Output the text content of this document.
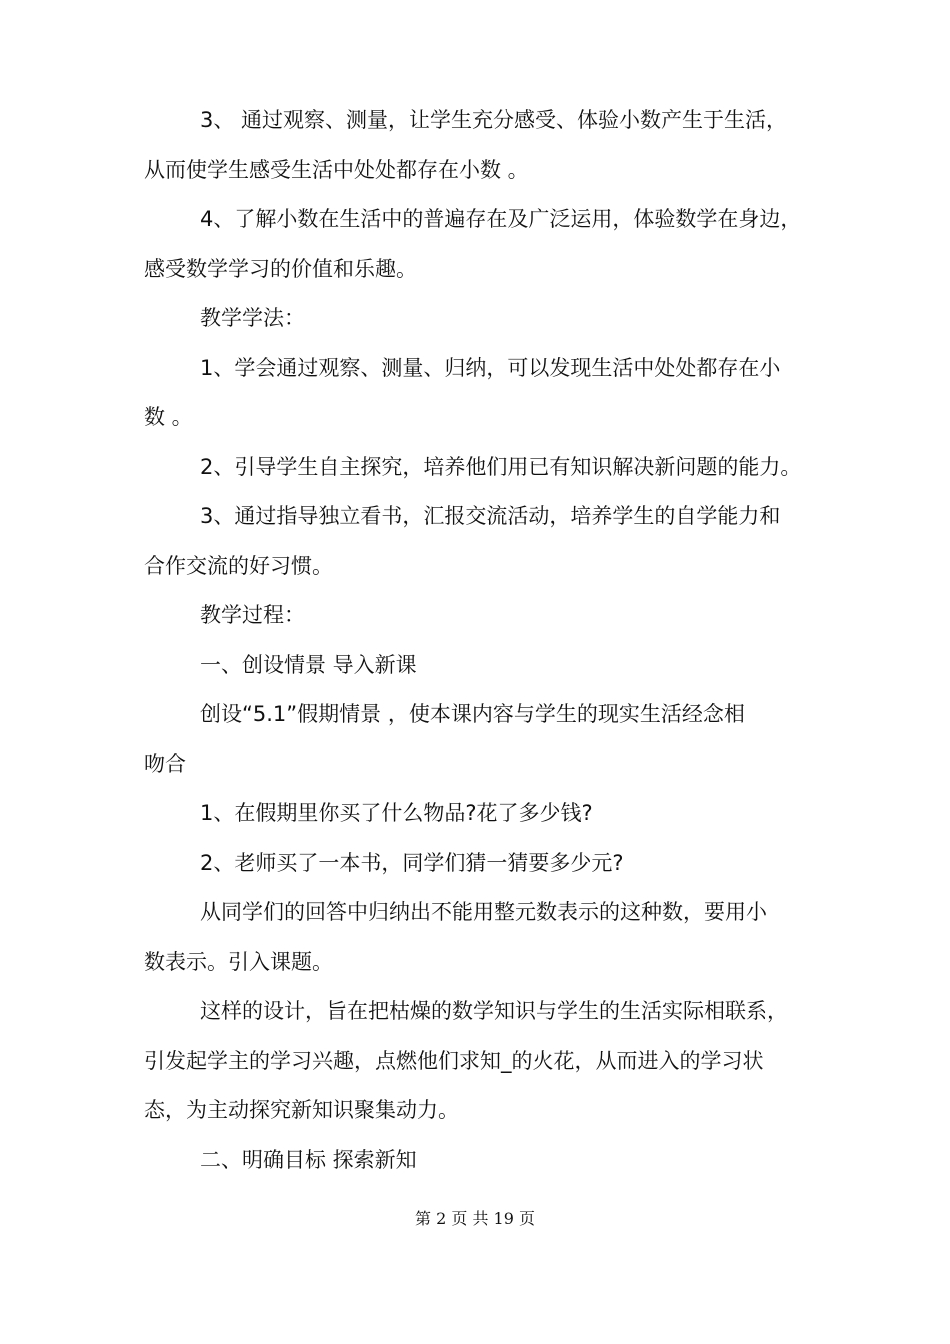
3、 通过观察、测量，让学生充分感受、体验小数产生于生活，
从而使学生感受生活中处处都存在小数 。
4、了解小数在生活中的普遍存在及广泛运用，体验数学在身边，
感受数学学习的价值和乐趣。
教学学法：
1、学会通过观察、测量、归纳，可以发现生活中处处都存在小
数 。
2、引导学生自主探究，培养他们用已有知识解决新问题的能力。
3、通过指导独立看书，汇报交流活动，培养学生的自学能力和
合作交流的好习惯。
教学过程：
一、创设情景 导入新课
创设“5.1”假期情景 ，使本课内容与学生的现实生活经念相
吻合
1、在假期里你买了什么物品?花了多少钱?
2、老师买了一本书，同学们猜一猜要多少元?
从同学们的回答中归纳出不能用整元数表示的这种数，要用小
数表示。引入课题。
这样的设计，旨在把枯燥的数学知识与学生的生活实际相联系，
引发起学主的学习兴趣，点燃他们求知_的火花，从而进入的学习状
态，为主动探究新知识聚集动力。
二、明确目标 探索新知
第 2 页 共 19 页
